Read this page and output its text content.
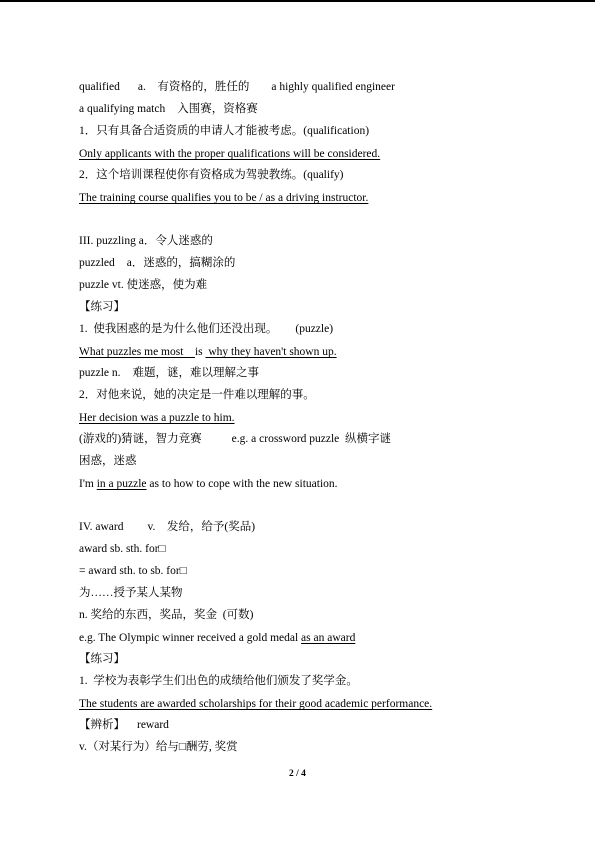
qualified a.　有资格的，胜任的 a highly qualified engineer
a qualifying match 入围赛，资格赛
1．只有具备合适资质的申请人才能被考虑。(qualification)
Only applicants with the proper qualifications will be considered.
2．这个培训课程使你有资格成为驾驶教练。(qualify)
The training course qualifies you to be / as a driving instructor.
III. puzzling a．令人迷惑的
puzzled a．迷惑的，搞糊涂的
puzzle vt. 使迷惑，使为难
【练习】
1.  使我困惑的是为什么他们还没出现。 (puzzle)
What puzzles me most    is  why they haven't shown up.
puzzle n. 难题，谜，难以理解之事
2．对他来说，她的决定是一件难以理解的事。
Her decision was a puzzle to him.
(游戏的)猜谜，智力竞赛	e.g. a crossword puzzle  纵横字谜
困惑，迷惑
I'm in a puzzle as to how to cope with the new situation.
IV. award v.　发给，给予(奖品)
award sb. sth. for□
= award sth. to sb. for□
为……授予某人某物
n. 奖给的东西，奖品，奖金  (可数)
e.g. The Olympic winner received a gold medal as an award
【练习】
1.  学校为表彰学生们出色的成绩给他们颁发了奖学金。
The students are awarded scholarships for their good academic performance.
【辨析】 reward
v.（对某行为）给与□酬劳, 奖赏
2 / 4
